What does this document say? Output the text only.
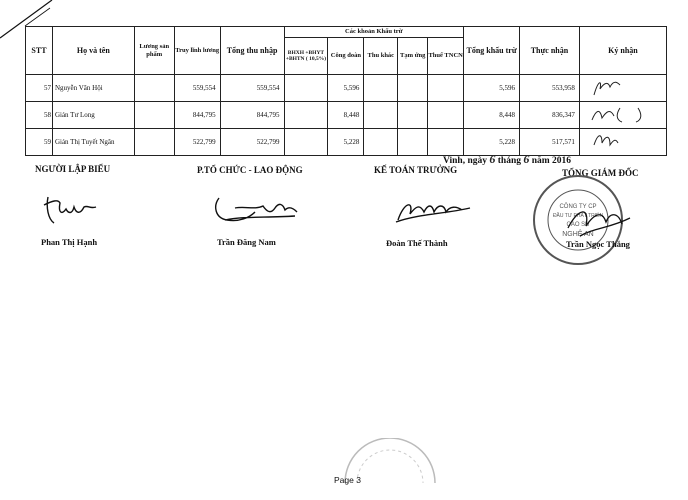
STT	Họ và tên	Lương sản phẩm	Truy lĩnh lương	Tổng thu nhập	Các khoản Khấu trừ					Tổng khấu trừ	Thực nhận	Ký nhận
					BHXH +BHYT +BHTN ( 10,5%)	Công đoàn	Thu khác	Tạm ứng	Thuế TNCN			
57	Nguyễn Văn Hội		559,554	559,554		5,596				5,596	553,958	
58	Giản Tư Long		844,795	844,795		8,448				8,448	836,347	
59	Giản Thị Tuyết Ngân		522,799	522,799		5,228				5,228	517,571	
Vinh, ngày 6 tháng 6 năm 2016
NGƯỜI LẬP BIỂU	P.TỔ CHỨC - LAO ĐỘNG	KẾ TOÁN TRƯỞNG	TỔNG GIÁM ĐỐC
CÔNG TY CP
ĐẦU TƯ PHÁT TRIỂN
CAO SU
NGHỆ AN
Phan Thị Hạnh	Trần Đăng Nam	Đoàn Thế Thành	Trần Ngọc Thắng
Page 3
